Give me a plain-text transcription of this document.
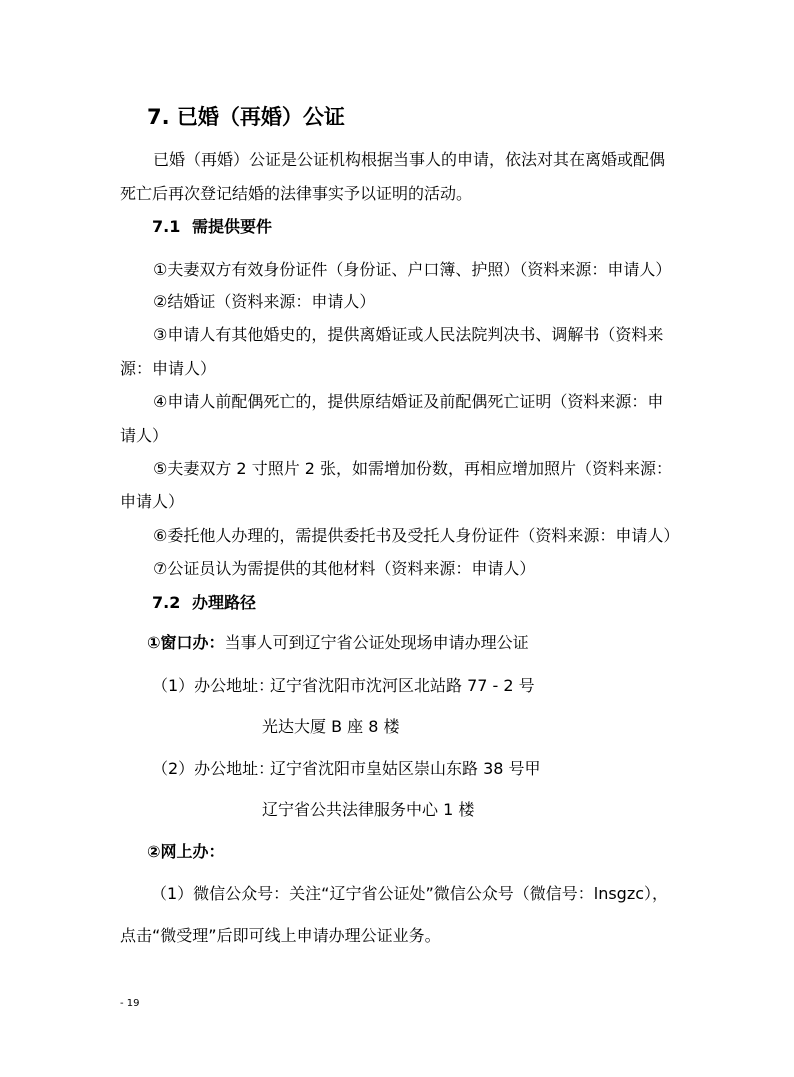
7. 已婚（再婚）公证
已婚（再婚）公证是公证机构根据当事人的申请，依法对其在离婚或配偶
死亡后再次登记结婚的法律事实予以证明的活动。
7.1 需提供要件
①夫妻双方有效身份证件（身份证、户口簿、护照）（资料来源：申请人）
②结婚证（资料来源：申请人）
③申请人有其他婚史的，提供离婚证或人民法院判决书、调解书（资料来
源：申请人）
④申请人前配偶死亡的，提供原结婚证及前配偶死亡证明（资料来源：申
请人）
⑤夫妻双方 2 寸照片 2 张，如需增加份数，再相应增加照片（资料来源：
申请人）
⑥委托他人办理的，需提供委托书及受托人身份证件（资料来源：申请人）
⑦公证员认为需提供的其他材料（资料来源：申请人）
7.2 办理路径
①窗口办：当事人可到辽宁省公证处现场申请办理公证
（1）办公地址：
辽宁省沈阳市沈河区北站路 77 - 2 号
光达大厦 B 座 8 楼
（2）办公地址：
辽宁省沈阳市皇姑区崇山东路 38 号甲
辽宁省公共法律服务中心 1 楼
②网上办：
（1）微信公众号：关注“辽宁省公证处”微信公众号（微信号：lnsgzc），
点击“微受理”后即可线上申请办理公证业务。
- 19
